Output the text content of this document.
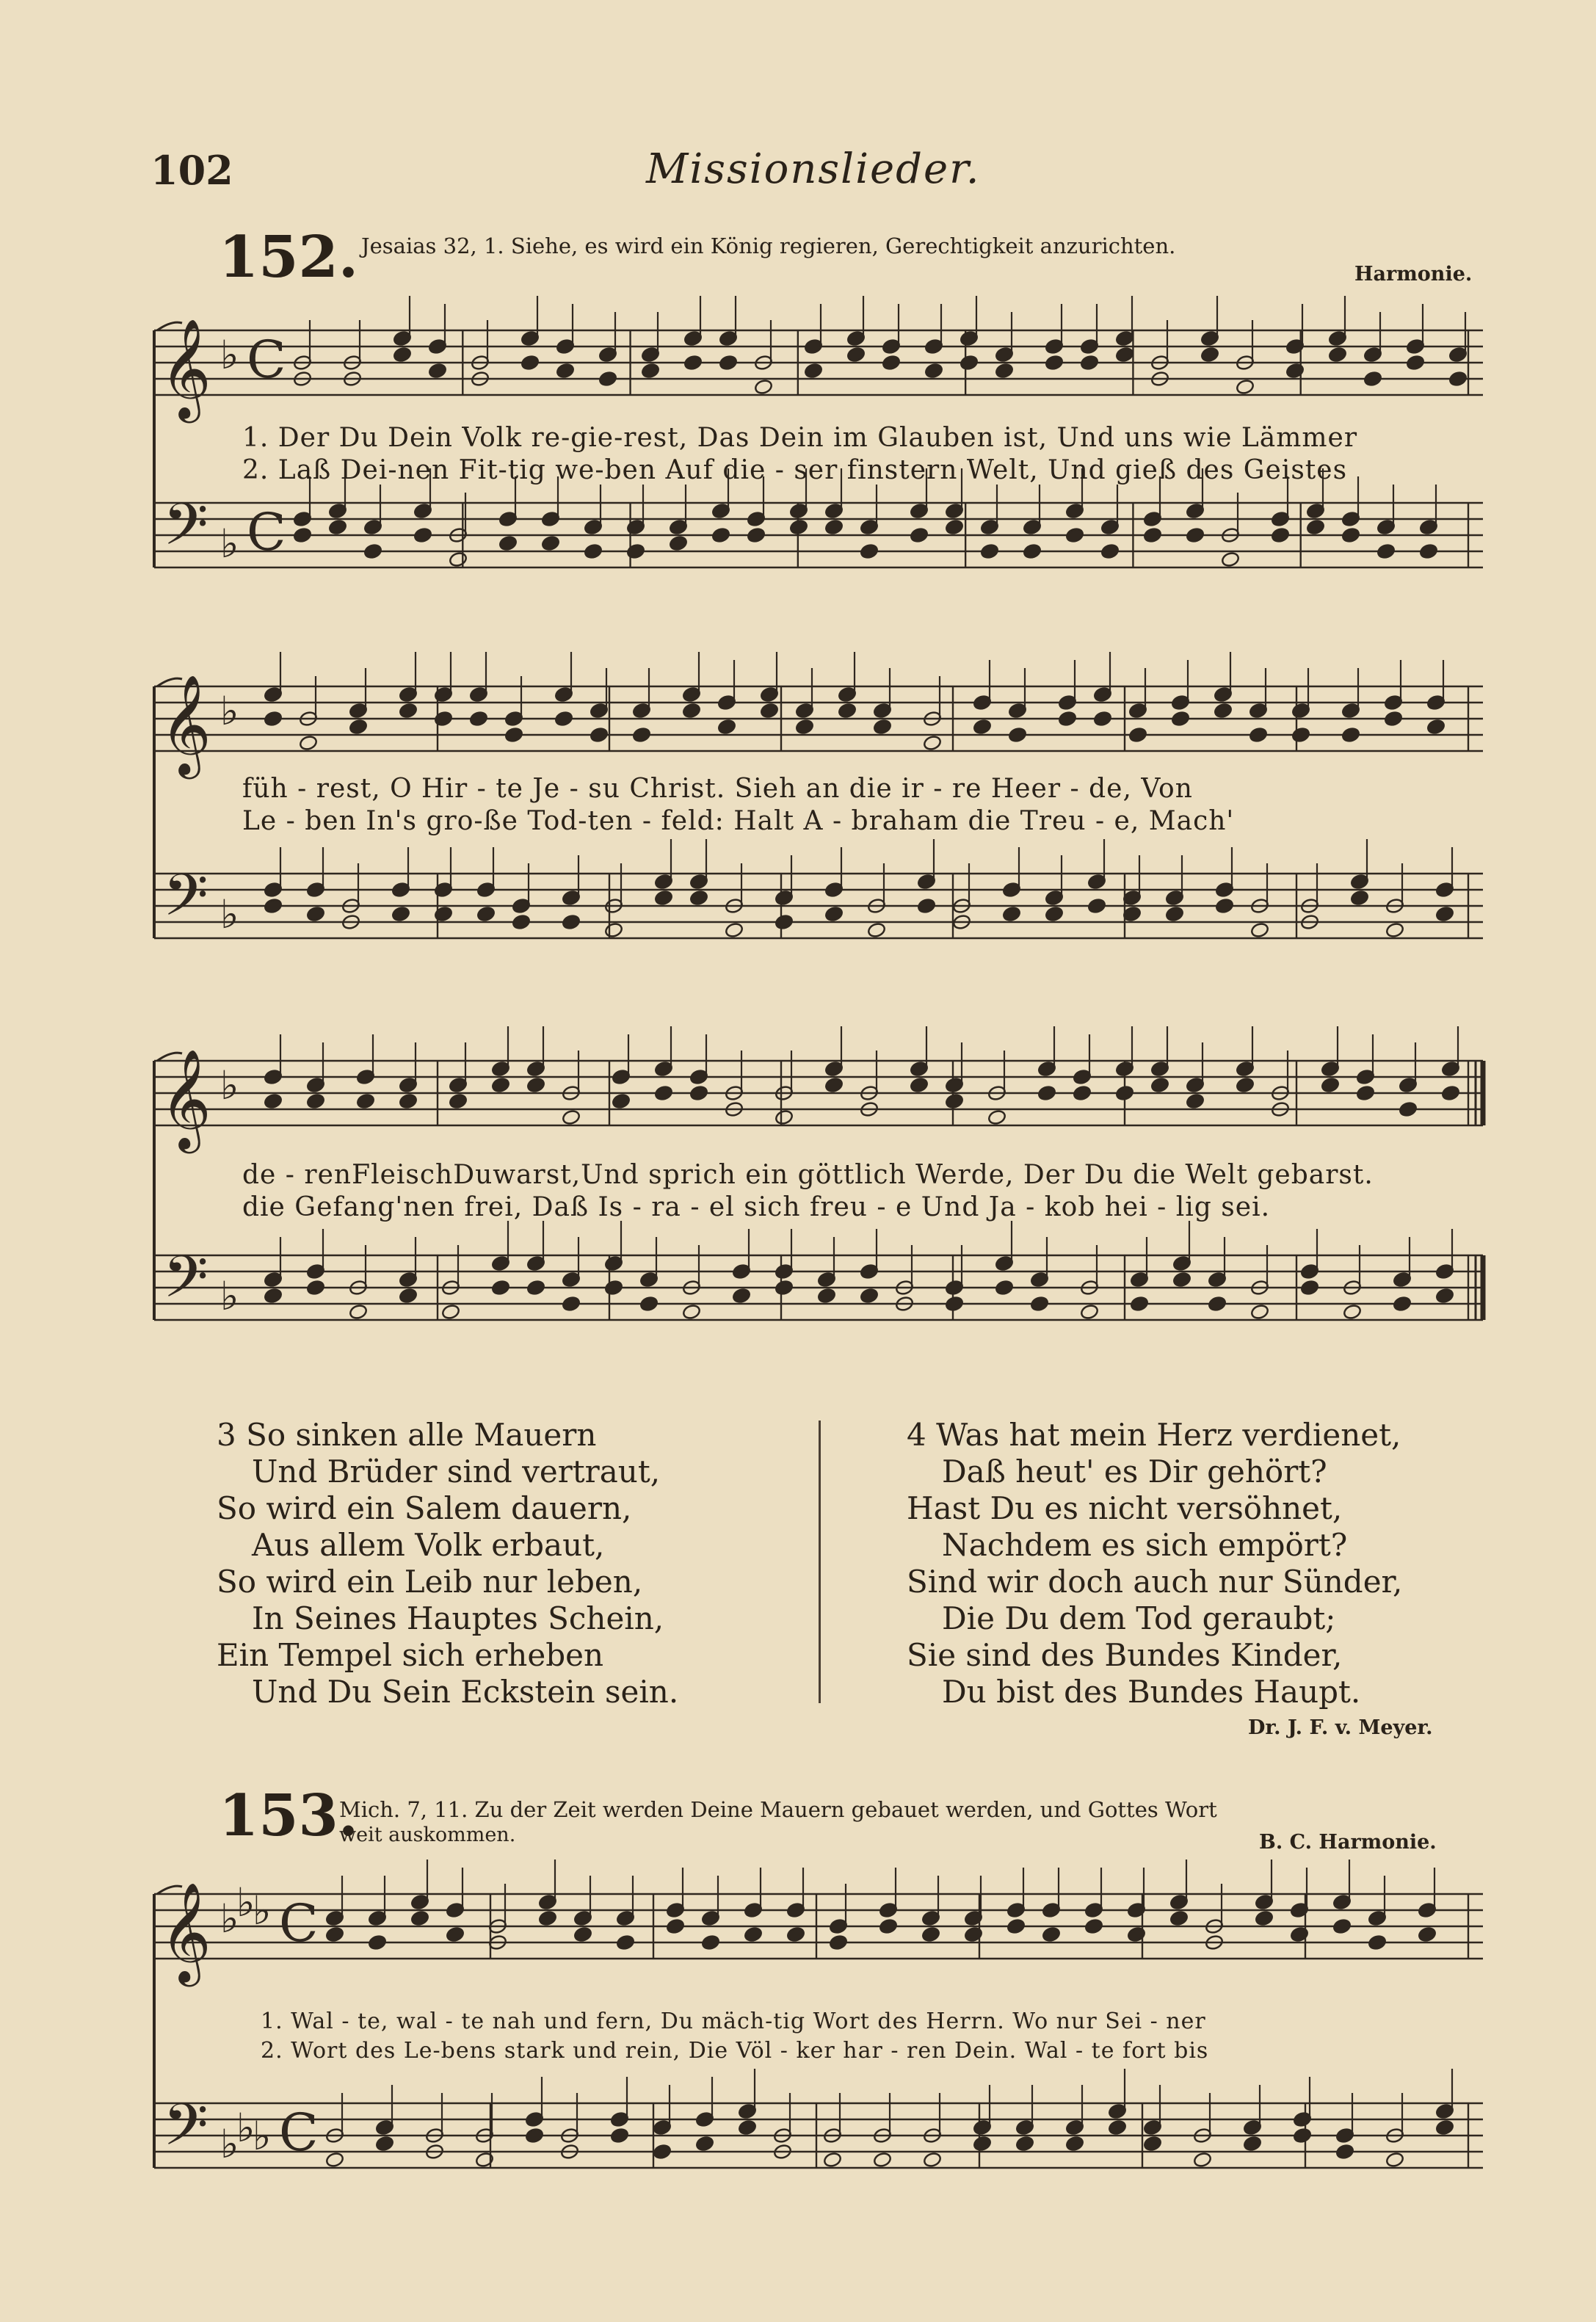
102	Missionslieder.
152. Jesaias 32, 1. Siehe, es wird ein König regieren, Gerechtigkeit anzurichten.
Harmonie.
𝄞
𝄢
♭
♭
C
C
1. Der Du Dein Volk re-gie-rest, Das Dein im Glauben ist, Und uns wie Lämmer
2. Laß Dei-nen Fit-tig we-ben Auf die - ser finstern Welt, Und gieß des Geistes
𝄞
𝄢
♭
♭
füh - rest, O Hir - te Je - su Christ. Sieh an die ir - re Heer - de, Von
Le - ben In's gro-ße Tod-ten - feld: Halt A - braham die Treu - e, Mach'
𝄞
𝄢
♭
♭
de - renFleischDuwarst,Und sprich ein göttlich Werde, Der Du die Welt gebarst.
die Gefang'nen frei, Daß Is - ra - el sich freu - e Und Ja - kob hei - lig sei.
3 So sinken alle Mauern
Und Brüder sind vertraut,
So wird ein Salem dauern,
Aus allem Volk erbaut,
So wird ein Leib nur leben,
In Seines Hauptes Schein,
Ein Tempel sich erheben
Und Du Sein Eckstein sein.
4 Was hat mein Herz verdienet,
Daß heut' es Dir gehört?
Hast Du es nicht versöhnet,
Nachdem es sich empört?
Sind wir doch auch nur Sünder,
Die Du dem Tod geraubt;
Sie sind des Bundes Kinder,
Du bist des Bundes Haupt.
Dr. J. F. v. Meyer.
153.
Mich. 7, 11. Zu der Zeit werden Deine Mauern gebauet werden, und Gottes Wort
weit auskommen.	B. C. Harmonie.
𝄞
𝄢
♭
♭
♭
♭
♭
♭
C
C
1. Wal - te, wal - te nah und fern, Du mäch-tig Wort des Herrn. Wo nur Sei - ner
2. Wort des Le-bens stark und rein, Die Völ - ker har - ren Dein. Wal - te fort bis
